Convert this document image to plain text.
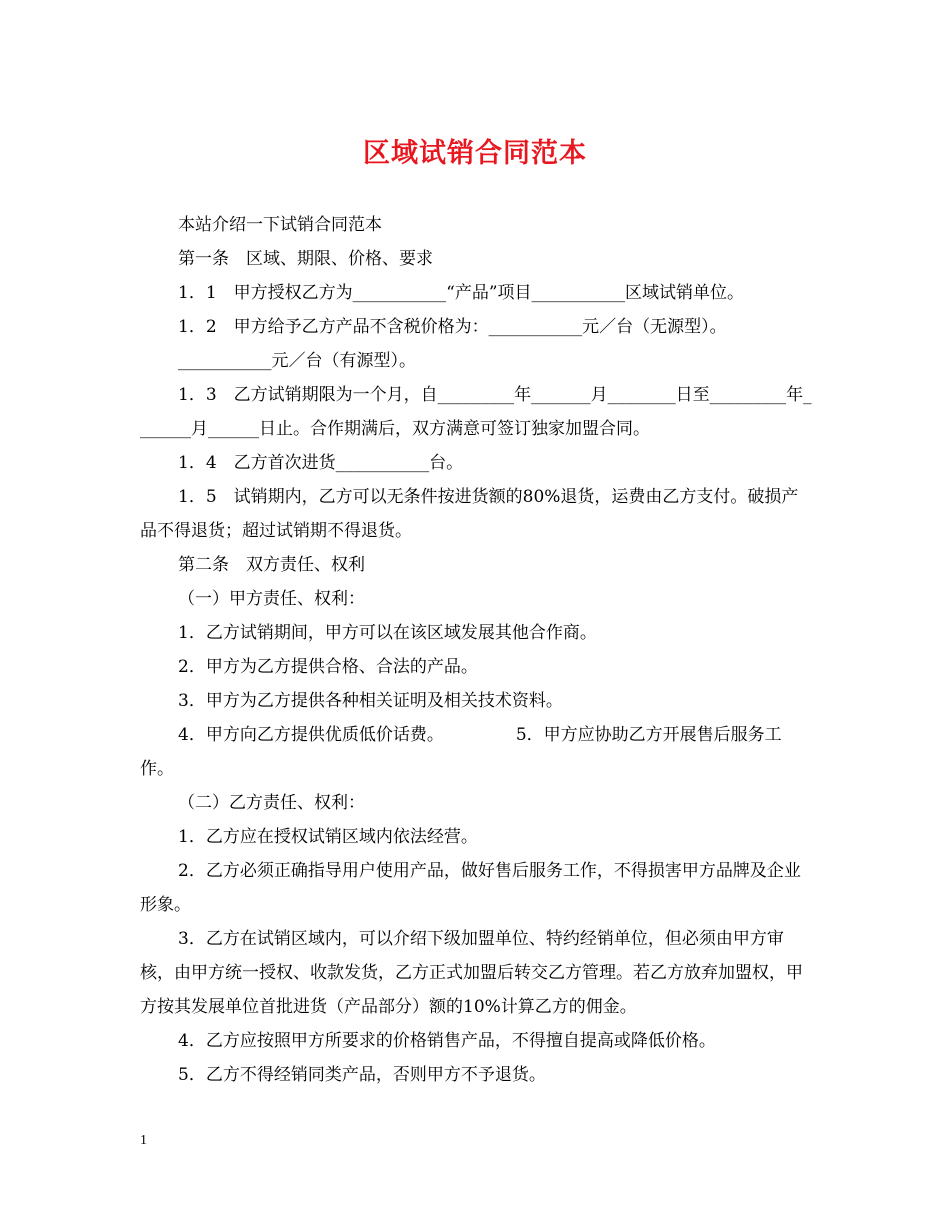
区域试销合同范本

本站介绍一下试销合同范本

第一条　区域、期限、价格、要求

1．1　甲方授权乙方为___________“产品”项目___________区域试销单位。

1．2　甲方给予乙方产品不含税价格为：___________元／台（无源型）。

___________元／台（有源型）。

1．3　乙方试销期限为一个月，自_________年_______月________日至_________年_______月______日止。合作期满后，双方满意可签订独家加盟合同。

1．4　乙方首次进货___________台。

1．5　试销期内，乙方可以无条件按进货额的80%退货，运费由乙方支付。破损产品不得退货；超过试销期不得退货。

第二条　双方责任、权利

（一）甲方责任、权利：

1．乙方试销期间，甲方可以在该区域发展其他合作商。

2．甲方为乙方提供合格、合法的产品。

3．甲方为乙方提供各种相关证明及相关技术资料。

4．甲方向乙方提供优质低价话费。	5．甲方应协助乙方开展售后服务工作。

（二）乙方责任、权利：

1．乙方应在授权试销区域内依法经营。

2．乙方必须正确指导用户使用产品，做好售后服务工作，不得损害甲方品牌及企业形象。

3．乙方在试销区域内，可以介绍下级加盟单位、特约经销单位，但必须由甲方审核，由甲方统一授权、收款发货，乙方正式加盟后转交乙方管理。若乙方放弃加盟权，甲方按其发展单位首批进货（产品部分）额的10%计算乙方的佣金。

4．乙方应按照甲方所要求的价格销售产品，不得擅自提高或降低价格。

5．乙方不得经销同类产品，否则甲方不予退货。

1
